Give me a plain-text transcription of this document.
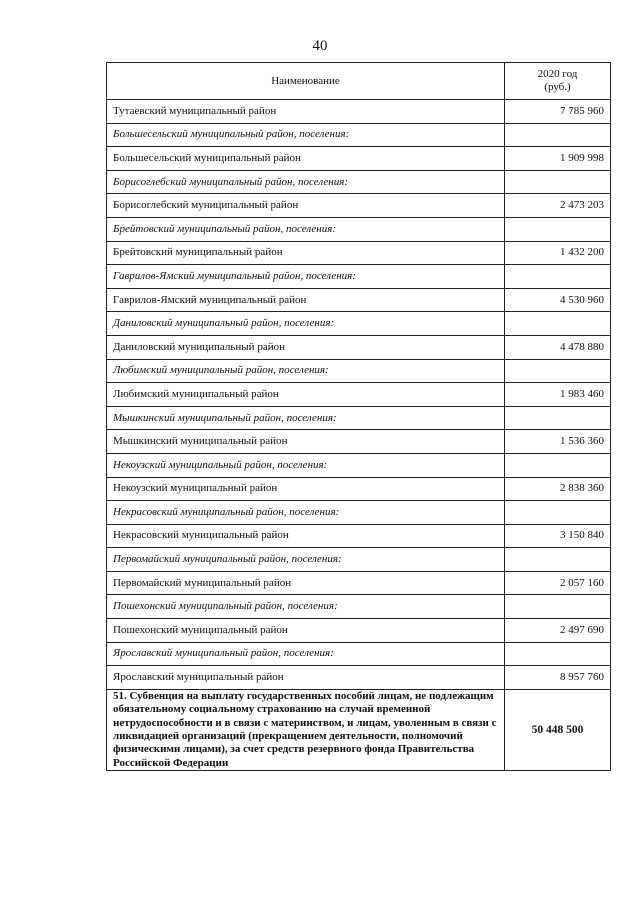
40
Наименование	2020 год
(руб.)
Тутаевский муниципальный район	7 785 960
Большесельский муниципальный район, поселения:	
Большесельский муниципальный район	1 909 998
Борисоглебский муниципальный район, поселения:	
Борисоглебский муниципальный район	2 473 203
Брейтовский муниципальный район, поселения:	
Брейтовский муниципальный район	1 432 200
Гаврилов-Ямский муниципальный район, поселения:	
Гаврилов-Ямский муниципальный район	4 530 960
Даниловский муниципальный район, поселения:	
Даниловский муниципальный район	4 478 880
Любимский муниципальный район, поселения:	
Любимский муниципальный район	1 983 460
Мышкинский муниципальный район, поселения:	
Мышкинский муниципальный район	1 536 360
Некоузский муниципальный район, поселения:	
Некоузский муниципальный район	2 838 360
Некрасовский муниципальный район, поселения:	
Некрасовский муниципальный район	3 150 840
Первомайский муниципальный район, поселения:	
Первомайский муниципальный район	2 057 160
Пошехонский муниципальный район, поселения:	
Пошехонский муниципальный район	2 497 690
Ярославский муниципальный район, поселения:	
Ярославский муниципальный район	8 957 760
51. Субвенция на выплату государственных пособий лицам, не подлежащим обязательному социальному страхованию на случай временной нетрудоспособности и в связи с материнством, и лицам, уволенным в связи с ликвидацией организаций (прекращением деятельности, полномочий физическими лицами), за счет средств резервного фонда Правительства Российской Федерации	50 448 500
